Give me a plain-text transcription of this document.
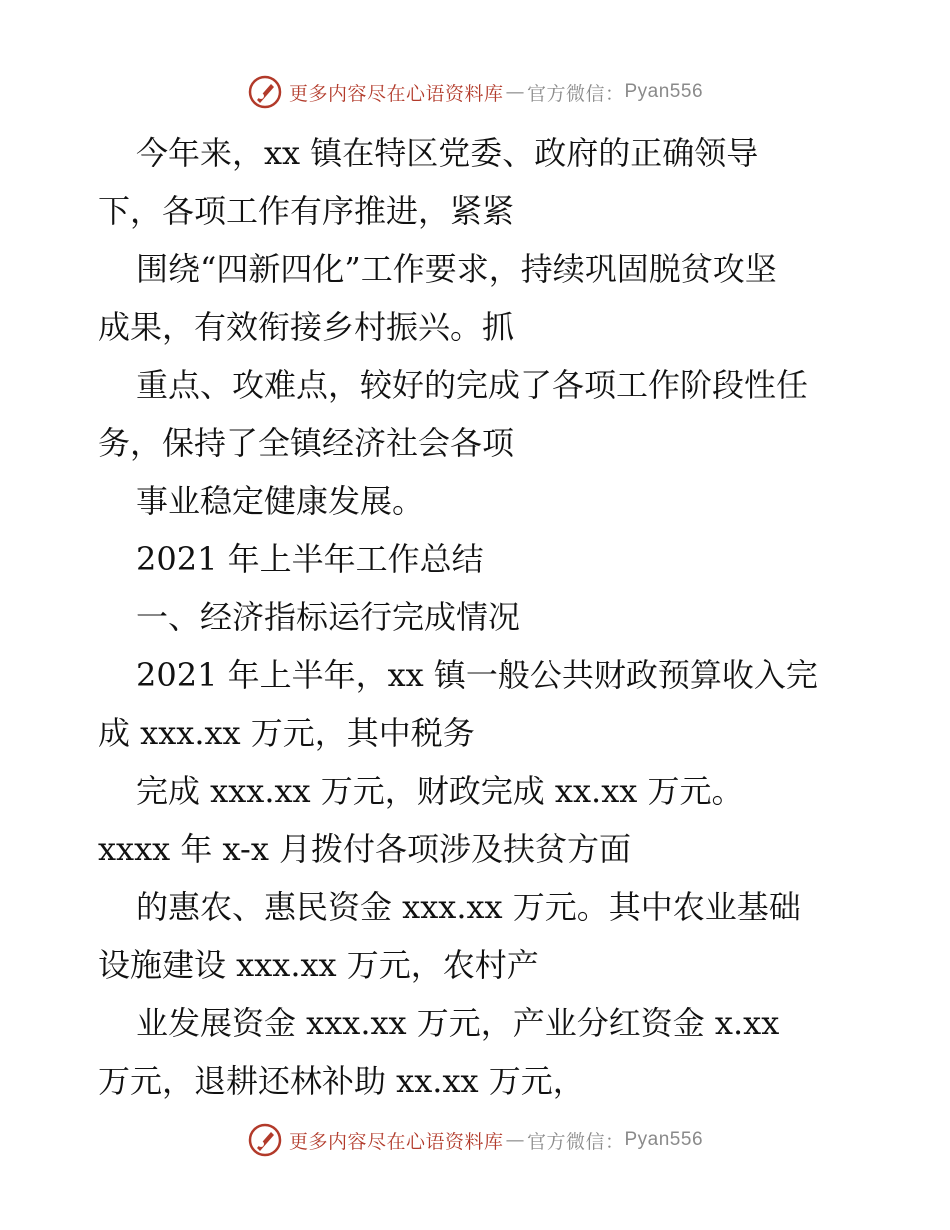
更多内容尽在心语资料库 — 官方微信： Pyan556
今年来，xx 镇在特区党委、政府的正确领导
下，各项工作有序推进，紧紧
围绕“四新四化”工作要求，持续巩固脱贫攻坚
成果，有效衔接乡村振兴。抓
重点、攻难点，较好的完成了各项工作阶段性任
务，保持了全镇经济社会各项
事业稳定健康发展。
2021 年上半年工作总结
一、经济指标运行完成情况
2021 年上半年，xx 镇一般公共财政预算收入完
成 xxx.xx 万元，其中税务
完成 xxx.xx 万元，财政完成 xx.xx 万元。
xxxx 年 x-x 月拨付各项涉及扶贫方面
的惠农、惠民资金 xxx.xx 万元。其中农业基础
设施建设 xxx.xx 万元，农村产
业发展资金 xxx.xx 万元，产业分红资金 x.xx
万元，退耕还林补助 xx.xx 万元，
更多内容尽在心语资料库 — 官方微信： Pyan556
